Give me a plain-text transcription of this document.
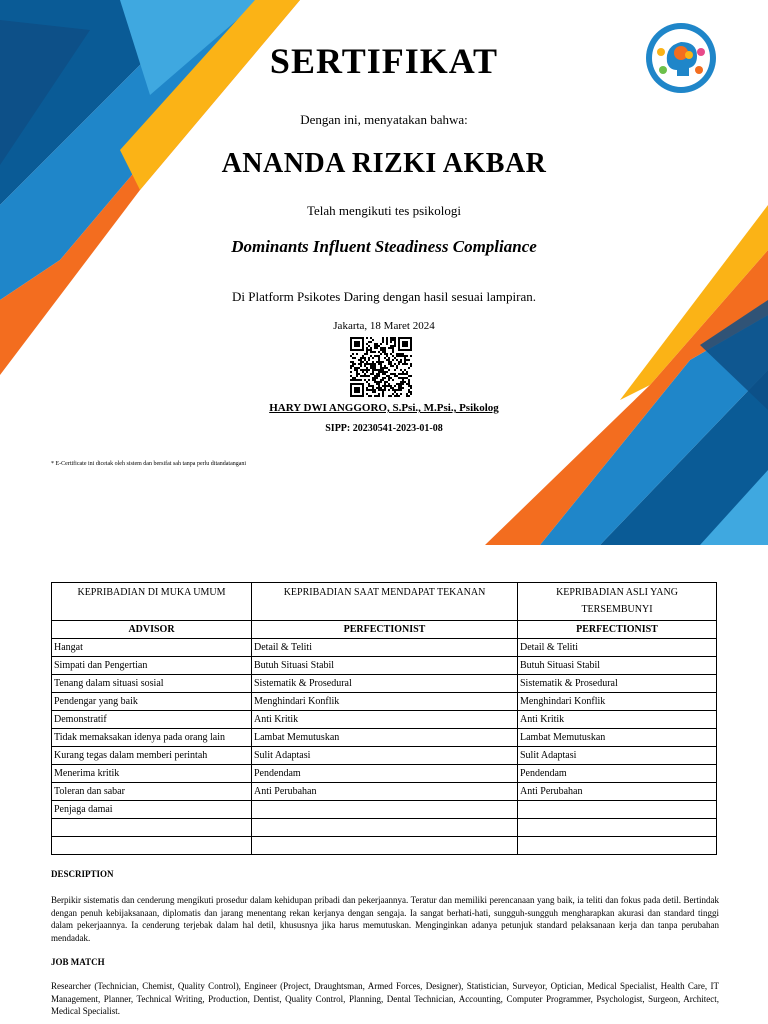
SERTIFIKAT
Dengan ini, menyatakan bahwa:
ANANDA RIZKI AKBAR
Telah mengikuti tes psikologi
Dominants Influent Steadiness Compliance
Di Platform Psikotes Daring dengan hasil sesuai lampiran.
Jakarta, 18 Maret 2024
HARY DWI ANGGORO, S.Psi., M.Psi., Psikolog
SIPP: 20230541-2023-01-08
* E-Certificate ini dicetak oleh sistem dan bersifat sah tanpa perlu ditandatangani
KEPRIBADIAN DI MUKA UMUM	KEPRIBADIAN SAAT MENDAPAT TEKANAN	KEPRIBADIAN ASLI YANG TERSEMBUNYI
ADVISOR	PERFECTIONIST	PERFECTIONIST
Hangat	Detail & Teliti	Detail & Teliti
Simpati dan Pengertian	Butuh Situasi Stabil	Butuh Situasi Stabil
Tenang dalam situasi sosial	Sistematik & Prosedural	Sistematik & Prosedural
Pendengar yang baik	Menghindari Konflik	Menghindari Konflik
Demonstratif	Anti Kritik	Anti Kritik
Tidak memaksakan idenya pada orang lain	Lambat Memutuskan	Lambat Memutuskan
Kurang tegas dalam memberi perintah	Sulit Adaptasi	Sulit Adaptasi
Menerima kritik	Pendendam	Pendendam
Toleran dan sabar	Anti Perubahan	Anti Perubahan
Penjaga damai		

DESCRIPTION
Berpikir sistematis dan cenderung mengikuti prosedur dalam kehidupan pribadi dan pekerjaannya. Teratur dan memiliki perencanaan yang baik, ia teliti dan fokus pada detil. Bertindak dengan penuh kebijaksanaan, diplomatis dan jarang menentang rekan kerjanya dengan sengaja. Ia sangat berhati-hati, sungguh-sungguh mengharapkan akurasi dan standard tinggi dalam pekerjaannya. Ia cenderung terjebak dalam hal detil, khususnya jika harus memutuskan. Menginginkan adanya petunjuk standard pelaksanaan kerja dan tanpa perubahan mendadak.
JOB MATCH
Researcher (Technician, Chemist, Quality Control), Engineer (Project, Draughtsman, Armed Forces, Designer), Statistician, Surveyor, Optician, Medical Specialist, Health Care, IT Management, Planner, Technical Writing, Production, Dentist, Quality Control, Planning, Dental Technician, Accounting, Computer Programmer, Psychologist, Surgeon, Architect, Medical Specialist.
